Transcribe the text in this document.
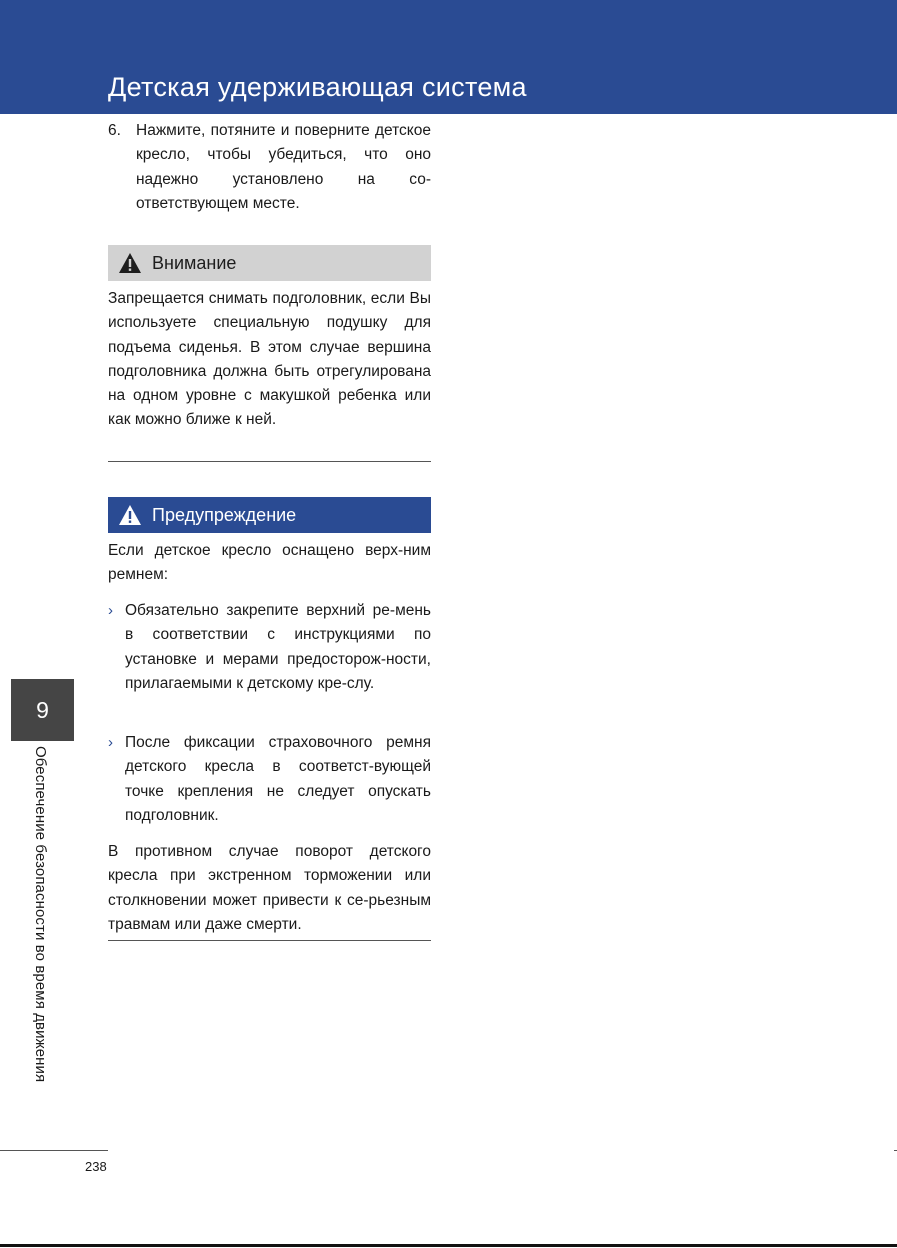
Детская удерживающая система
6. Нажмите, потяните и поверните детское кресло, чтобы убедиться, что оно надежно установлено на со-ответствующем месте.

Внимание

Запрещается снимать подголовник, если Вы используете специальную подушку для подъема сиденья. В этом случае вершина подголовника должна быть отрегулирована на одном уровне с макушкой ребенка или как можно ближе к ней.

Предупреждение

Если детское кресло оснащено верх-ним ремнем:

› Обязательно закрепите верхний ре-мень в соответствии с инструкциями по установке и мерами предосторож-ности, прилагаемыми к детскому кре-слу.

› После фиксации страховочного ремня детского кресла в соответст-вующей точке крепления не следует опускать подголовник.

В противном случае поворот детского кресла при экстренном торможении или столкновении может привести к се-рьезным травмам или даже смерти.

9
Обеспечение безопасности во время движения
238
